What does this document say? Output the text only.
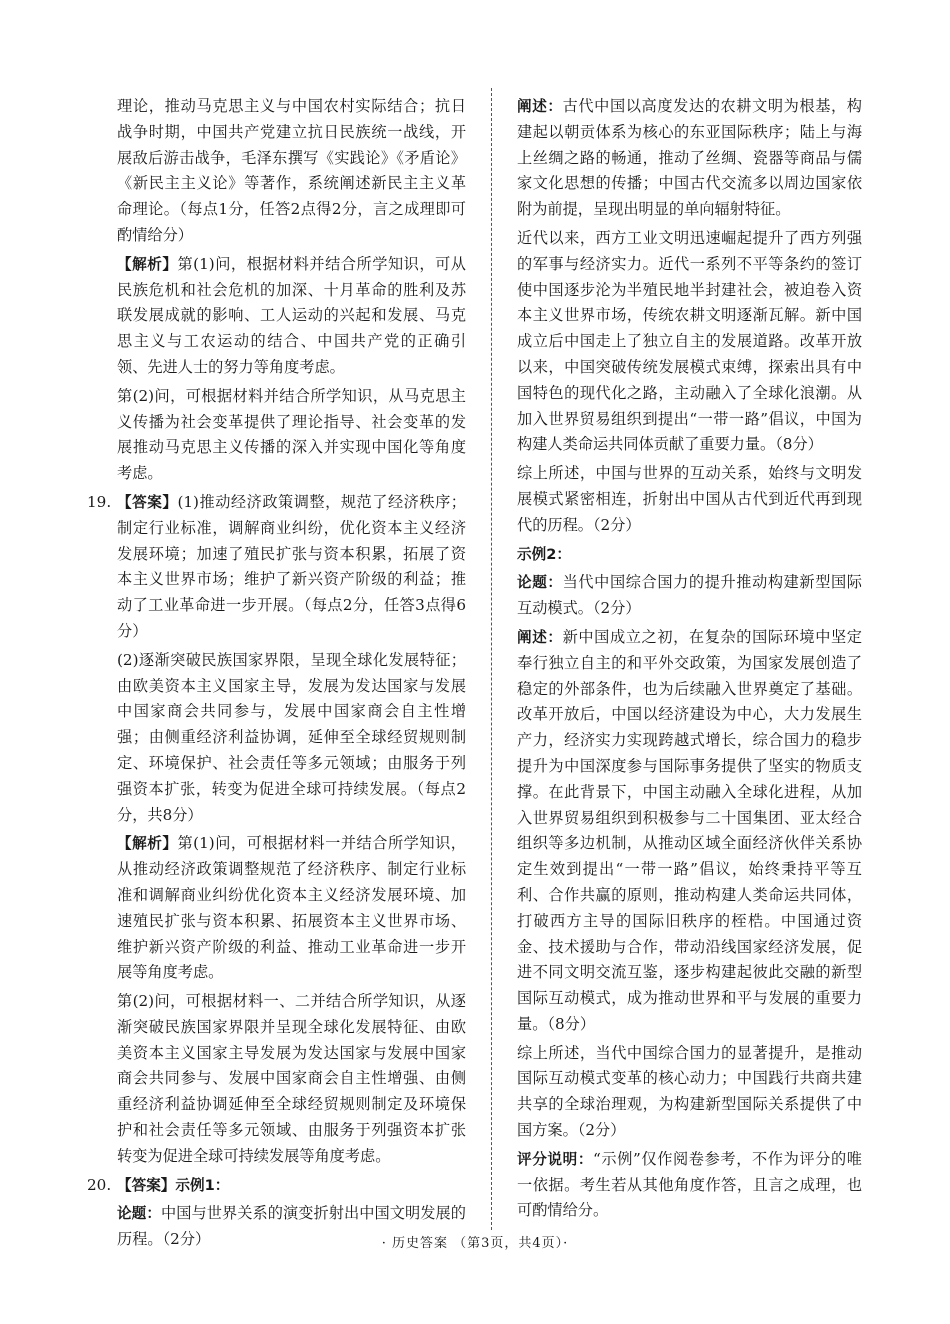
理论，推动马克思主义与中国农村实际结合；抗日战争时期，中国共产党建立抗日民族统一战线，开展敌后游击战争，毛泽东撰写《实践论》《矛盾论》《新民主主义论》等著作，系统阐述新民主主义革命理论。（每点1分，任答2点得2分，言之成理即可酌情给分）

【解析】第(1)问，根据材料并结合所学知识，可从民族危机和社会危机的加深、十月革命的胜利及苏联发展成就的影响、工人运动的兴起和发展、马克思主义与工农运动的结合、中国共产党的正确引领、先进人士的努力等角度考虑。

第(2)问，可根据材料并结合所学知识，从马克思主义传播为社会变革提供了理论指导、社会变革的发展推动马克思主义传播的深入并实现中国化等角度考虑。

19. 【答案】(1)推动经济政策调整，规范了经济秩序；制定行业标准，调解商业纠纷，优化资本主义经济发展环境；加速了殖民扩张与资本积累，拓展了资本主义世界市场；维护了新兴资产阶级的利益；推动了工业革命进一步开展。（每点2分，任答3点得6分）

(2)逐渐突破民族国家界限，呈现全球化发展特征；由欧美资本主义国家主导，发展为发达国家与发展中国家商会共同参与，发展中国家商会自主性增强；由侧重经济利益协调，延伸至全球经贸规则制定、环境保护、社会责任等多元领域；由服务于列强资本扩张，转变为促进全球可持续发展。（每点2分，共8分）

【解析】第(1)问，可根据材料一并结合所学知识，从推动经济政策调整规范了经济秩序、制定行业标准和调解商业纠纷优化资本主义经济发展环境、加速殖民扩张与资本积累、拓展资本主义世界市场、维护新兴资产阶级的利益、推动工业革命进一步开展等角度考虑。

第(2)问，可根据材料一、二并结合所学知识，从逐渐突破民族国家界限并呈现全球化发展特征、由欧美资本主义国家主导发展为发达国家与发展中国家商会共同参与、发展中国家商会自主性增强、由侧重经济利益协调延伸至全球经贸规则制定及环境保护和社会责任等多元领域、由服务于列强资本扩张转变为促进全球可持续发展等角度考虑。

20. 【答案】示例1：

论题：中国与世界关系的演变折射出中国文明发展的历程。（2分）

阐述：古代中国以高度发达的农耕文明为根基，构建起以朝贡体系为核心的东亚国际秩序；陆上与海上丝绸之路的畅通，推动了丝绸、瓷器等商品与儒家文化思想的传播；中国古代交流多以周边国家依附为前提，呈现出明显的单向辐射特征。

近代以来，西方工业文明迅速崛起提升了西方列强的军事与经济实力。近代一系列不平等条约的签订使中国逐步沦为半殖民地半封建社会，被迫卷入资本主义世界市场，传统农耕文明逐渐瓦解。新中国成立后中国走上了独立自主的发展道路。改革开放以来，中国突破传统发展模式束缚，探索出具有中国特色的现代化之路，主动融入了全球化浪潮。从加入世界贸易组织到提出“一带一路”倡议，中国为构建人类命运共同体贡献了重要力量。（8分）

综上所述，中国与世界的互动关系，始终与文明发展模式紧密相连，折射出中国从古代到近代再到现代的历程。（2分）

示例2：

论题：当代中国综合国力的提升推动构建新型国际互动模式。（2分）

阐述：新中国成立之初，在复杂的国际环境中坚定奉行独立自主的和平外交政策，为国家发展创造了稳定的外部条件，也为后续融入世界奠定了基础。改革开放后，中国以经济建设为中心，大力发展生产力，经济实力实现跨越式增长，综合国力的稳步提升为中国深度参与国际事务提供了坚实的物质支撑。在此背景下，中国主动融入全球化进程，从加入世界贸易组织到积极参与二十国集团、亚太经合组织等多边机制，从推动区域全面经济伙伴关系协定生效到提出“一带一路”倡议，始终秉持平等互利、合作共赢的原则，推动构建人类命运共同体，打破西方主导的国际旧秩序的桎梏。中国通过资金、技术援助与合作，带动沿线国家经济发展，促进不同文明交流互鉴，逐步构建起彼此交融的新型国际互动模式，成为推动世界和平与发展的重要力量。（8分）

综上所述，当代中国综合国力的显著提升，是推动国际互动模式变革的核心动力；中国践行共商共建共享的全球治理观，为构建新型国际关系提供了中国方案。（2分）

评分说明：“示例”仅作阅卷参考，不作为评分的唯一依据。考生若从其他角度作答，且言之成理，也可酌情给分。

· 历史答案 （第3页，共4页）·
